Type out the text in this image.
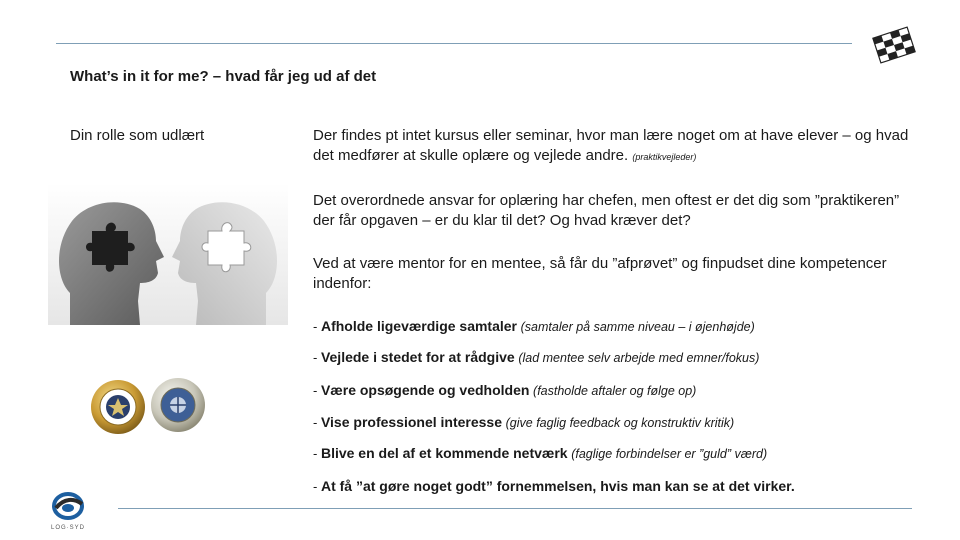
What’s in it for me? – hvad får jeg ud af det
Din rolle som udlært	Der findes pt intet kursus eller seminar, hvor man lære noget om at have elever – og hvad det medfører at skulle oplære og vejlede andre. (praktikvejleder)
Det overordnede ansvar for oplæring har chefen, men oftest er det dig som ”praktikeren” der får opgaven – er du klar til det? Og hvad kræver det?
Ved at være mentor for en mentee, så får du ”afprøvet” og finpudset dine kompetencer indenfor:
- Afholde ligeværdige samtaler (samtaler på samme niveau – i øjenhøjde)
- Vejlede i stedet for at rådgive (lad mentee selv arbejde med emner/fokus)
- Være opsøgende og vedholden (fastholde aftaler og følge op)
- Vise professionel interesse (give faglig feedback og konstruktiv kritik)
- Blive en del af et kommende netværk (faglige forbindelser er ”guld” værd)
- At få ”at gøre noget godt” fornemmelsen, hvis man kan se at det virker.
LOG·SYD
